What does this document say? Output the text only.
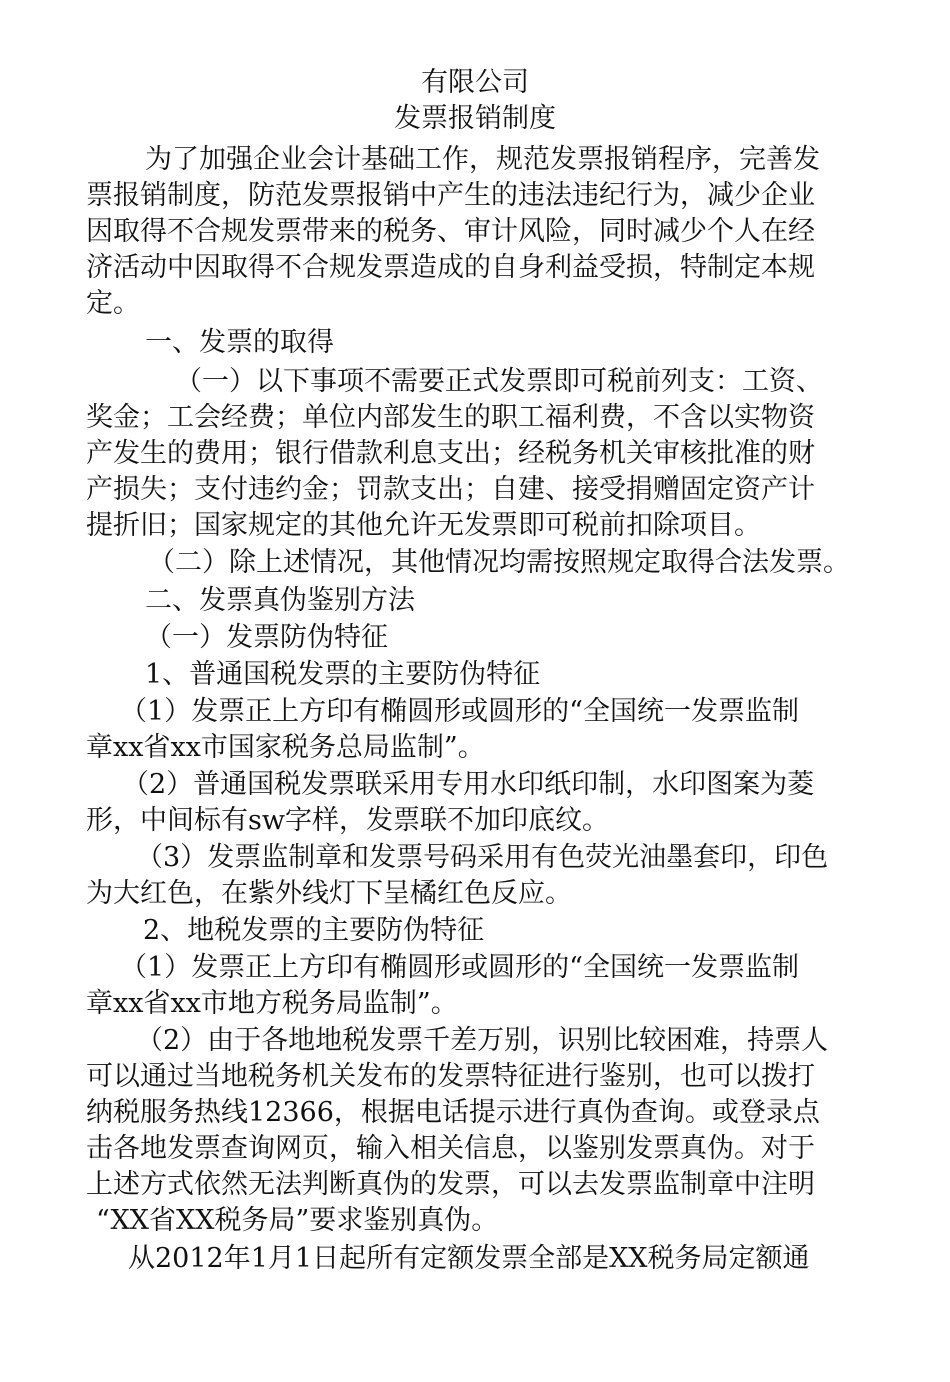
有限公司
发票报销制度
为了加强企业会计基础工作，规范发票报销程序，完善发
票报销制度，防范发票报销中产生的违法违纪行为，减少企业
因取得不合规发票带来的税务、审计风险，同时减少个人在经
济活动中因取得不合规发票造成的自身利益受损，特制定本规
定。
一、发票的取得
（一）以下事项不需要正式发票即可税前列支：工资、
奖金；工会经费；单位内部发生的职工福利费，不含以实物资
产发生的费用；银行借款利息支出；经税务机关审核批准的财
产损失；支付违约金；罚款支出；自建、接受捐赠固定资产计
提折旧；国家规定的其他允许无发票即可税前扣除项目。
（二）除上述情况，其他情况均需按照规定取得合法发票。
二、发票真伪鉴别方法
（一）发票防伪特征
1、普通国税发票的主要防伪特征
（1）发票正上方印有椭圆形或圆形的“全国统一发票监制
章xx省xx市国家税务总局监制”。
（2）普通国税发票联采用专用水印纸印制，水印图案为菱
形，中间标有sw字样，发票联不加印底纹。
（3）发票监制章和发票号码采用有色荧光油墨套印，印色
为大红色，在紫外线灯下呈橘红色反应。
2、地税发票的主要防伪特征
（1）发票正上方印有椭圆形或圆形的“全国统一发票监制
章xx省xx市地方税务局监制”。
（2）由于各地地税发票千差万别，识别比较困难，持票人
可以通过当地税务机关发布的发票特征进行鉴别，也可以拨打
纳税服务热线12366，根据电话提示进行真伪查询。或登录点
击各地发票查询网页，输入相关信息，以鉴别发票真伪。对于
上述方式依然无法判断真伪的发票，可以去发票监制章中注明
“XX省XX税务局”要求鉴别真伪。
从2012年1月1日起所有定额发票全部是XX税务局定额通
